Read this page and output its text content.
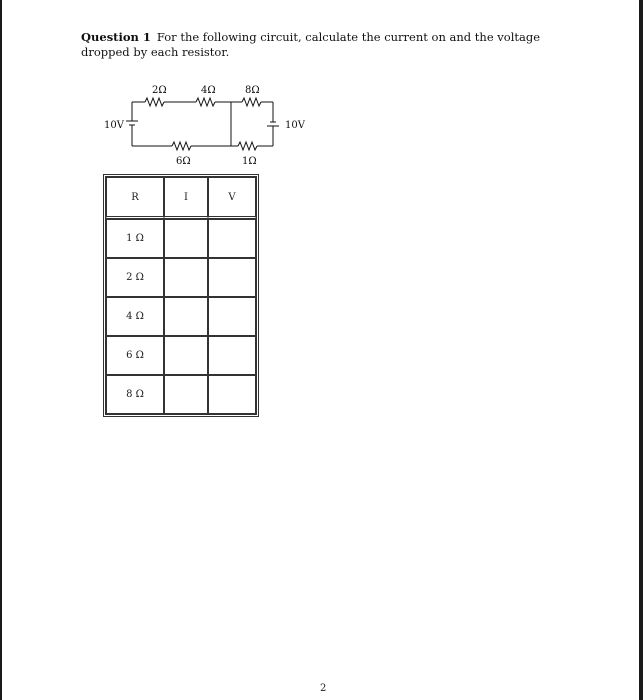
Question 1 For the following circuit, calculate the current on and the voltage dropped by each resistor.
2Ω	4Ω	8Ω
6Ω	1Ω
10V	10V
R	I	V
1 Ω		
2 Ω		
4 Ω		
6 Ω		
8 Ω		
2
